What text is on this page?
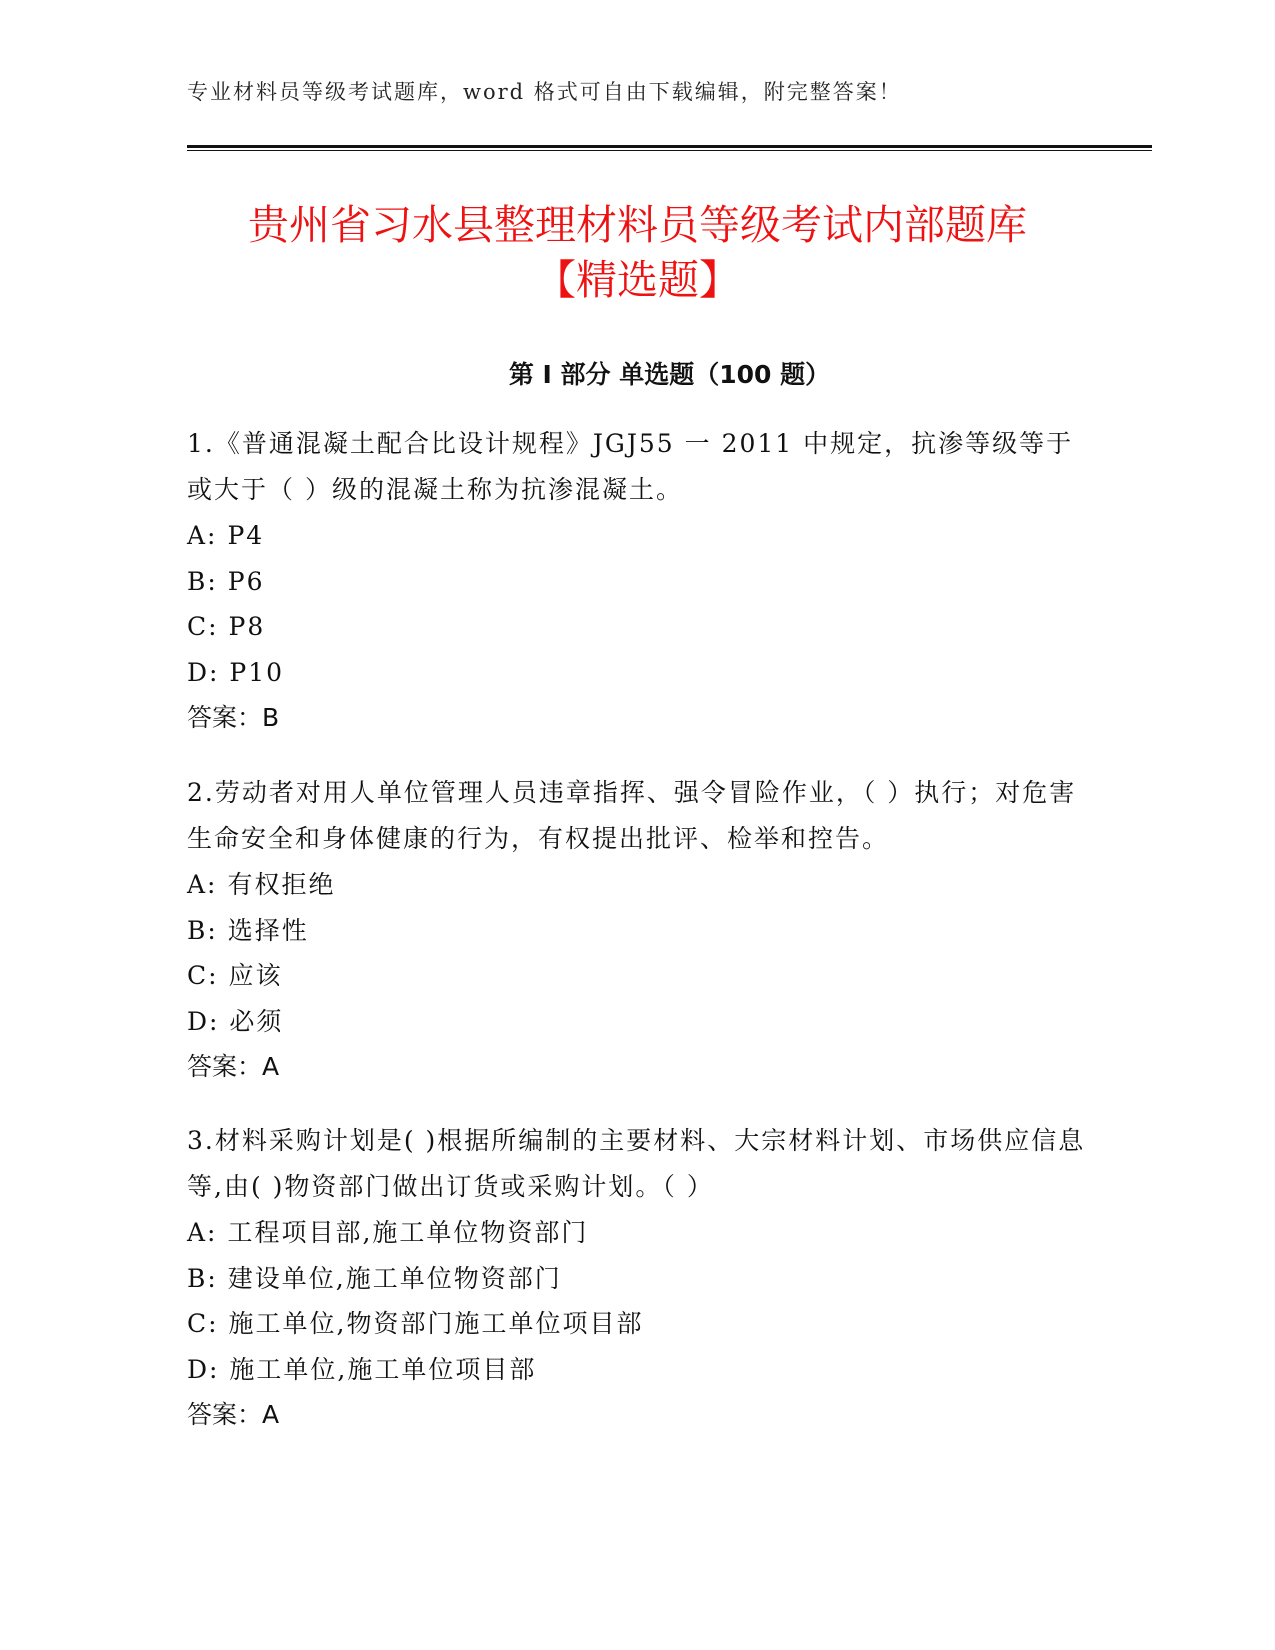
专业材料员等级考试题库，word 格式可自由下载编辑，附完整答案！
贵州省习水县整理材料员等级考试内部题库
【精选题】
第 I 部分 单选题（100 题）

1.《普通混凝土配合比设计规程》JGJ55 一 2011 中规定，抗渗等级等于或大于（ ）级的混凝土称为抗渗混凝土。

A: P4

B: P6

C: P8

D: P10

答案：B

2.劳动者对用人单位管理人员违章指挥、强令冒险作业，（ ）执行；对危害生命安全和身体健康的行为，有权提出批评、检举和控告。

A: 有权拒绝

B: 选择性

C: 应该

D: 必须

答案：A

3.材料采购计划是( )根据所编制的主要材料、大宗材料计划、市场供应信息等,由( )物资部门做出订货或采购计划。（ ）

A: 工程项目部,施工单位物资部门

B: 建设单位,施工单位物资部门

C: 施工单位,物资部门施工单位项目部

D: 施工单位,施工单位项目部

答案：A
